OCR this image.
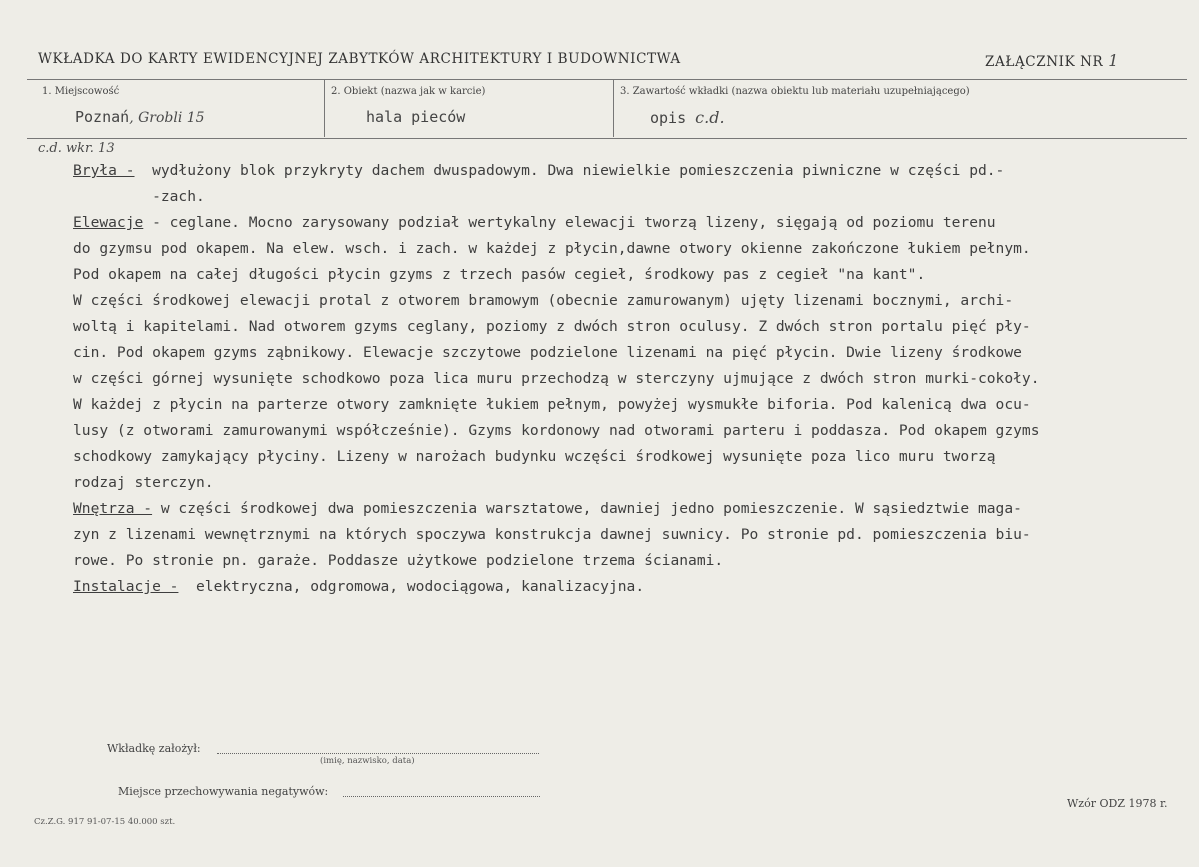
WKŁADKA DO KARTY EWIDENCYJNEJ ZABYTKÓW ARCHITEKTURY I BUDOWNICTWA	ZAŁĄCZNIK NR 1
1. Miejscowość
Poznań, Grobli 15
2. Obiekt (nazwa jak w karcie)
hala pieców
3. Zawartość wkładki (nazwa obiektu lub materiału uzupełniającego)
opis c.d.
c.d. wkr. 13
Bryła -  wydłużony blok przykryty dachem dwuspadowym. Dwa niewielkie pomieszczenia piwniczne w części pd.-
-zach.
Elewacje - ceglane. Mocno zarysowany podział wertykalny elewacji tworzą lizeny, sięgają od poziomu terenu
do gzymsu pod okapem. Na elew. wsch. i zach. w każdej z płycin,dawne otwory okienne zakończone łukiem pełnym.
Pod okapem na całej długości płycin gzyms z trzech pasów cegieł, środkowy pas z cegieł "na kant".
W części środkowej elewacji protal z otworem bramowym (obecnie zamurowanym) ujęty lizenami bocznymi, archi-
woltą i kapitelami. Nad otworem gzyms ceglany, poziomy z dwóch stron oculusy. Z dwóch stron portalu pięć pły-
cin. Pod okapem gzyms ząbnikowy. Elewacje szczytowe podzielone lizenami na pięć płycin. Dwie lizeny środkowe
w części górnej wysunięte schodkowo poza lica muru przechodzą w sterczyny ujmujące z dwóch stron murki-cokoły.
W każdej z płycin na parterze otwory zamknięte łukiem pełnym, powyżej wysmukłe biforia. Pod kalenicą dwa ocu-
lusy (z otworami zamurowanymi współcześnie). Gzyms kordonowy nad otworami parteru i poddasza. Pod okapem gzyms
schodkowy zamykający płyciny. Lizeny w narożach budynku wczęści środkowej wysunięte poza lico muru tworzą
rodzaj sterczyn.
Wnętrza - w części środkowej dwa pomieszczenia warsztatowe, dawniej jedno pomieszczenie. W sąsiedztwie maga-
zyn z lizenami wewnętrznymi na których spoczywa konstrukcja dawnej suwnicy. Po stronie pd. pomieszczenia biu-
rowe. Po stronie pn. garaże. Poddasze użytkowe podzielone trzema ścianami.
Instalacje -  elektryczna, odgromowa, wodociągowa, kanalizacyjna.
Wkładkę założył:
(imię, nazwisko, data)
Miejsce przechowywania negatywów:
Wzór ODZ 1978 r.
Cz.Z.G. 917 91-07-15 40.000 szt.
